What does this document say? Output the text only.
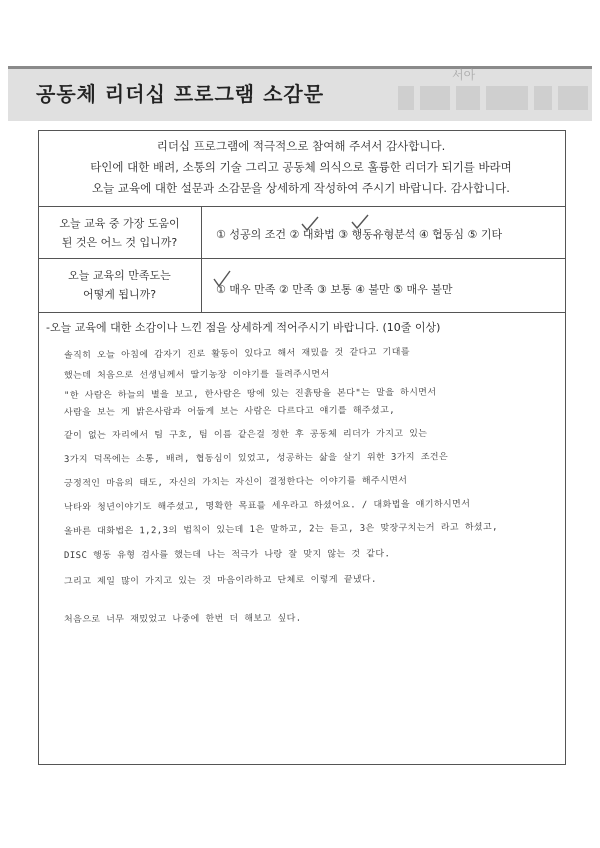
공동체 리더십 프로그램 소감문
서아
리더십 프로그램에 적극적으로 참여해 주셔서 감사합니다.
타인에 대한 배려, 소통의 기술 그리고 공동체 의식으로 훌륭한 리더가 되기를 바라며
오늘 교육에 대한 설문과 소감문을 상세하게 작성하여 주시기 바랍니다. 감사합니다.
오늘 교육 중 가장 도움이
된 것은 어느 것 입니까?
① 성공의 조건 ② 대화법 ③ 행동유형분석 ④ 협동심 ⑤ 기타
오늘 교육의 만족도는
어떻게 됩니까?	① 매우 만족 ② 만족 ③ 보통 ④ 불만 ⑤ 매우 불만
-오늘 교육에 대한 소감이나 느낀 점을 상세하게 적어주시기 바랍니다. (10줄 이상)
솔직히 오늘 아침에 갑자기 진로 활동이 있다고 해서 재밌을 것 같다고 기대를
했는데 처음으로 선생님께서 딸기농장 이야기를 들려주시면서
"한 사람은 하늘의 별을 보고, 한사람은 땅에 있는 진흙탕을 본다"는 말을 하시면서
사람을 보는 게 밝은사람과 어둡게 보는 사람은 다르다고 얘기를 해주셨고,
같이 없는 자리에서 팀 구호, 팀 이름 같은걸 정한 후 공동체 리더가 가지고 있는
3가지 덕목에는 소통, 배려, 협동심이 있었고, 성공하는 삶을 살기 위한 3가지 조건은
긍정적인 마음의 태도, 자신의 가치는 자신이 결정한다는 이야기를 해주시면서
낙타와 청년이야기도 해주셨고, 명확한 목표를 세우라고 하셨어요. / 대화법을 얘기하시면서
올바른 대화법은 1,2,3의 법칙이 있는데 1은 말하고, 2는 듣고, 3은 맞장구치는거 라고 하셨고,
DISC 행동 유형 검사를 했는데 나는 적극가 나랑 잘 맞지 않는 것 같다.
그리고 제일 많이 가지고 있는 것 마음이라하고 단체로 이렇게 끝냈다.
처음으로 너무 재밌었고 나중에 한번 더 해보고 싶다.
